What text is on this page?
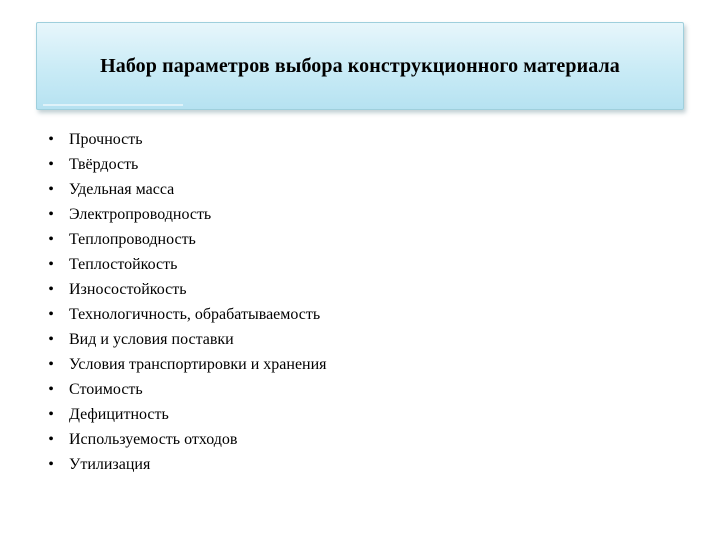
Набор параметров выбора конструкционного материала
• Прочность
• Твёрдость
• Удельная масса
• Электропроводность
• Теплопроводность
• Теплостойкость
• Износостойкость
• Технологичность, обрабатываемость
• Вид и условия поставки
• Условия транспортировки и хранения
• Стоимость
• Дефицитность
• Используемость отходов
• Утилизация
